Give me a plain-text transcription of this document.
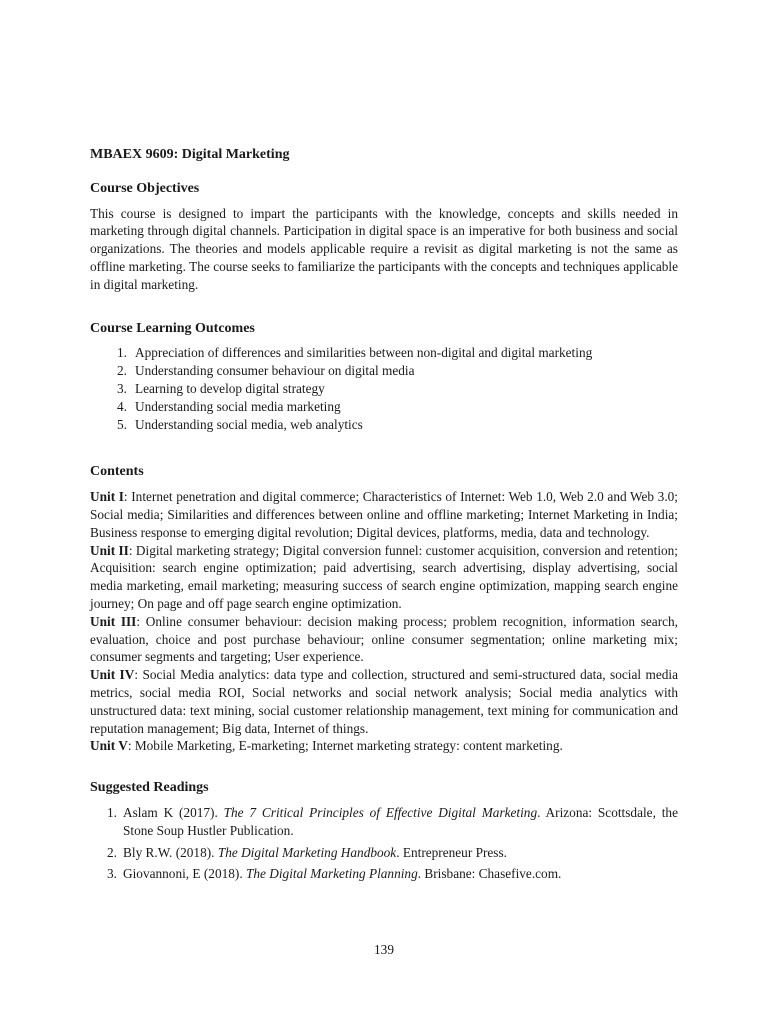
MBAEX 9609: Digital Marketing
Course Objectives

This course is designed to impart the participants with the knowledge, concepts and skills needed in marketing through digital channels. Participation in digital space is an imperative for both business and social organizations. The theories and models applicable require a revisit as digital marketing is not the same as offline marketing. The course seeks to familiarize the participants with the concepts and techniques applicable in digital marketing.

Course Learning Outcomes
1. Appreciation of differences and similarities between non-digital and digital marketing
2. Understanding consumer behaviour on digital media
3. Learning to develop digital strategy
4. Understanding social media marketing
5. Understanding social media, web analytics
Contents

Unit I: Internet penetration and digital commerce; Characteristics of Internet: Web 1.0, Web 2.0 and Web 3.0; Social media; Similarities and differences between online and offline marketing; Internet Marketing in India; Business response to emerging digital revolution; Digital devices, platforms, media, data and technology.

Unit II: Digital marketing strategy; Digital conversion funnel: customer acquisition, conversion and retention; Acquisition: search engine optimization; paid advertising, search advertising, display advertising, social media marketing, email marketing; measuring success of search engine optimization, mapping search engine journey; On page and off page search engine optimization.

Unit III: Online consumer behaviour: decision making process; problem recognition, information search, evaluation, choice and post purchase behaviour; online consumer segmentation; online marketing mix; consumer segments and targeting; User experience.

Unit IV: Social Media analytics: data type and collection, structured and semi-structured data, social media metrics, social media ROI, Social networks and social network analysis; Social media analytics with unstructured data: text mining, social customer relationship management, text mining for communication and reputation management; Big data, Internet of things.

Unit V: Mobile Marketing, E-marketing; Internet marketing strategy: content marketing.

Suggested Readings
1. Aslam K (2017). The 7 Critical Principles of Effective Digital Marketing. Arizona: Scottsdale, the Stone Soup Hustler Publication.
2. Bly R.W. (2018). The Digital Marketing Handbook. Entrepreneur Press.
3. Giovannoni, E (2018). The Digital Marketing Planning. Brisbane: Chasefive.com.
139
